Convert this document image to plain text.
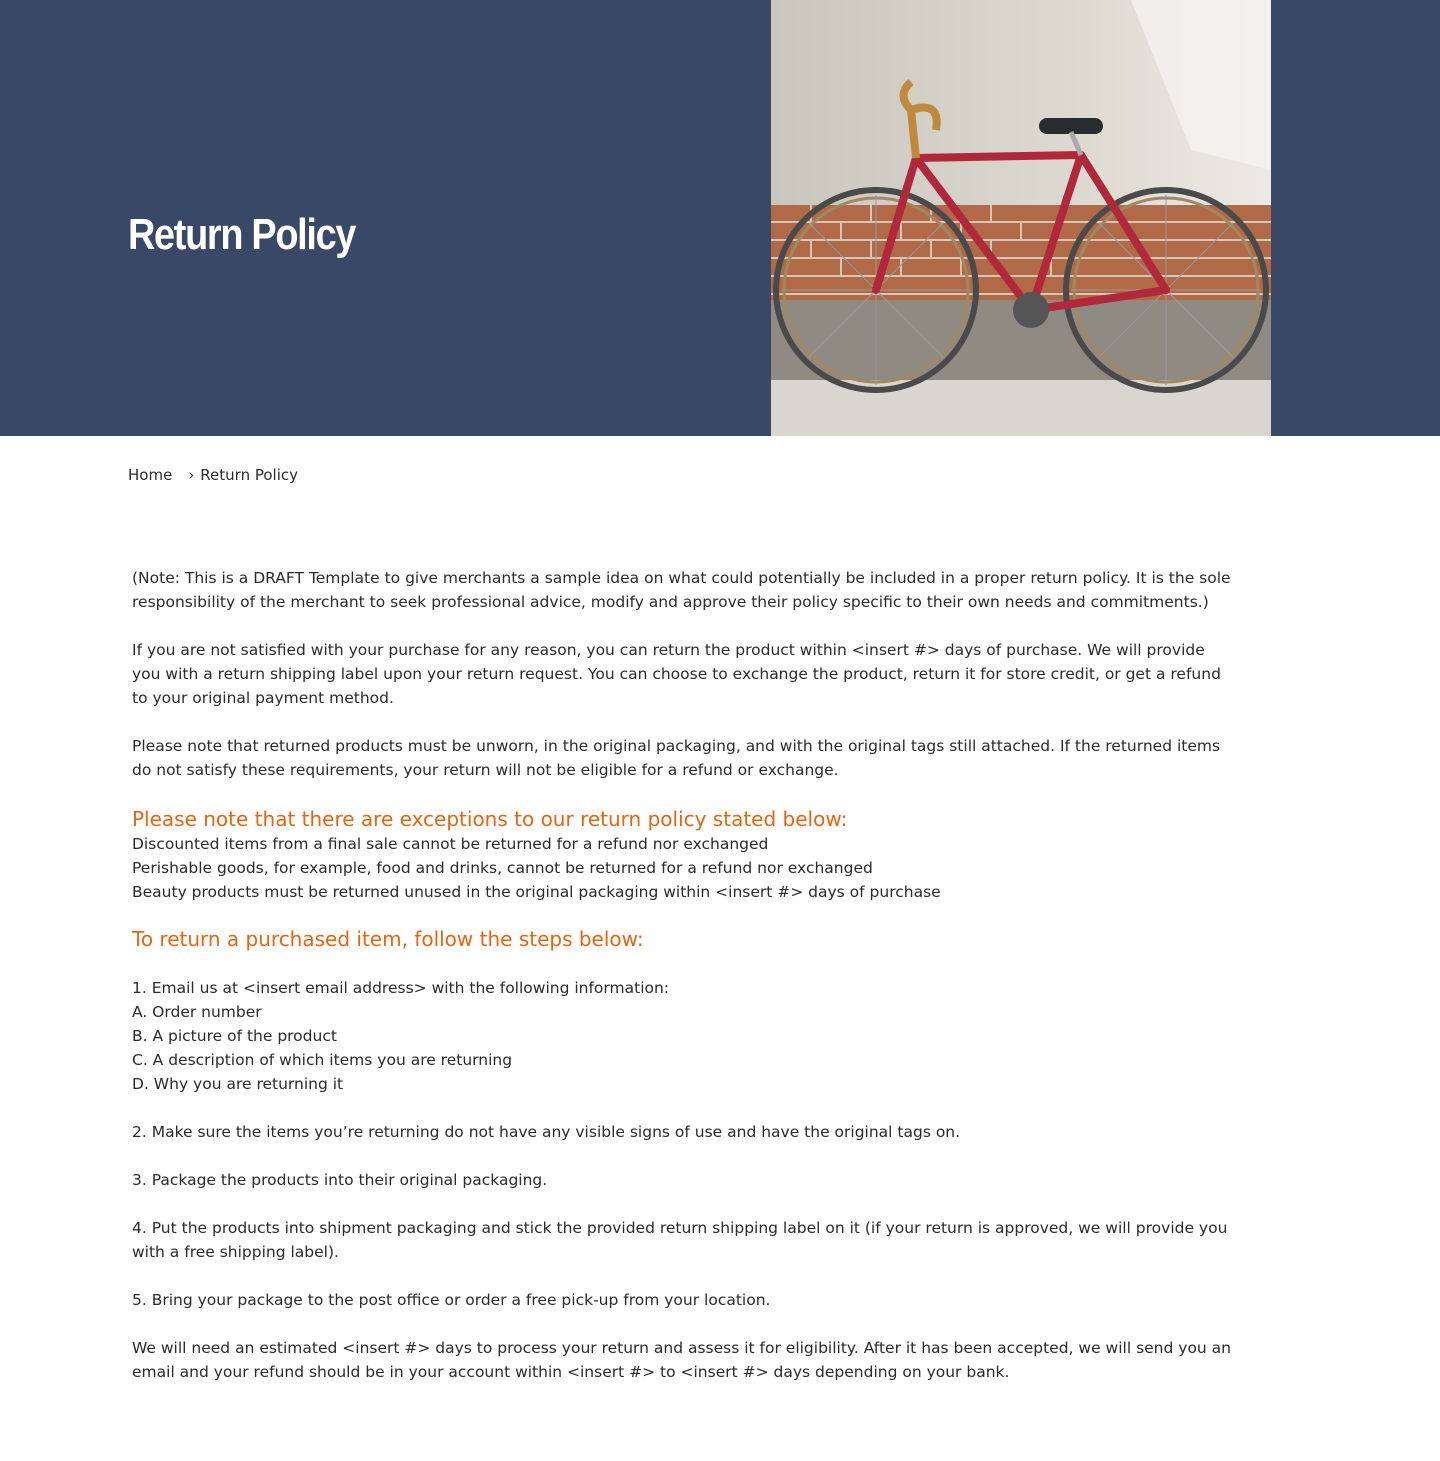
Return Policy
Home › Return Policy

(Note: This is a DRAFT Template to give merchants a sample idea on what could potentially be included in a proper return policy. It is the sole responsibility of the merchant to seek professional advice, modify and approve their policy specific to their own needs and commitments.)

If you are not satisfied with your purchase for any reason, you can return the product within <insert #> days of purchase. We will provide you with a return shipping label upon your return request. You can choose to exchange the product, return it for store credit, or get a refund to your original payment method.

Please note that returned products must be unworn, in the original packaging, and with the original tags still attached. If the returned items do not satisfy these requirements, your return will not be eligible for a refund or exchange.

Please note that there are exceptions to our return policy stated below:
Discounted items from a final sale cannot be returned for a refund nor exchanged
Perishable goods, for example, food and drinks, cannot be returned for a refund nor exchanged
Beauty products must be returned unused in the original packaging within <insert #> days of purchase
To return a purchased item, follow the steps below:
1. Email us at <insert email address> with the following information:
A. Order number
B. A picture of the product
C. A description of which items you are returning
D. Why you are returning it

2. Make sure the items you’re returning do not have any visible signs of use and have the original tags on.

3. Package the products into their original packaging.

4. Put the products into shipment packaging and stick the provided return shipping label on it (if your return is approved, we will provide you with a free shipping label).

5. Bring your package to the post office or order a free pick-up from your location.

We will need an estimated <insert #> days to process your return and assess it for eligibility. After it has been accepted, we will send you an email and your refund should be in your account within <insert #> to <insert #> days depending on your bank.
